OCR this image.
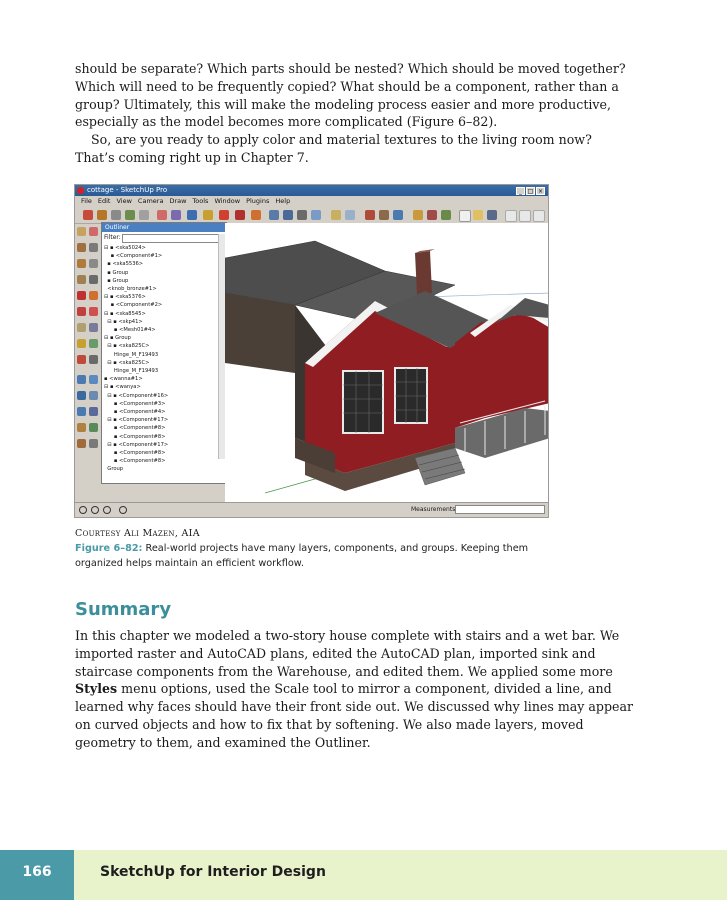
should be separate? Which parts should be nested? Which should be moved together? Which will need to be frequently copied? What should be a component, rather than a group? Ultimately, this will make the modeling process easier and more productive, especially as the model becomes more complicated (Figure 6–82).

So, are you ready to apply color and material textures to the living room now? That’s coming right up in Chapter 7.

cottage - SketchUp Pro	_ □ ×
File Edit View Camera Draw Tools Window Plugins Help
Outliner
Filter:
⊟ ▪ <ska5024>
▪ <Component#1>
▪ <ska5536>
▪ Group
▪ Group
<knob_bronze#1>
⊟ ▪ <ska5376>
▪ <Component#2>
⊟ ▪ <ska8545>
⊟ ▪ <skp41>
▪ <Mesh01#4>
⊟ ▪ Group
⊟ ▪ <ska825C>
Hinge_M_F19493
⊟ ▪ <ska825C>
Hinge_M_F19493
▪ <wanna#1>
⊟ ▪ <wanya>
⊟ ▪ <Component#16>
▪ <Component#3>
▪ <Component#4>
⊟ ▪ <Component#17>
▪ <Component#8>
▪ <Component#8>
⊟ ▪ <Component#17>
▪ <Component#8>
▪ <Component#8>
Group
Measurements
Courtesy Ali Mazen, AIA

Figure 6–82: Real-world projects have many layers, components, and groups. Keeping them organized helps maintain an efficient workflow.

Summary

In this chapter we modeled a two-story house complete with stairs and a wet bar. We imported raster and AutoCAD plans, edited the AutoCAD plan, imported sink and staircase components from the Warehouse, and edited them. We applied some more Styles menu options, used the Scale tool to mirror a component, divided a line, and learned why faces should have their front side out. We discussed why lines may appear on curved objects and how to fix that by softening. We also made layers, moved geometry to them, and examined the Outliner.

166	SketchUp for Interior Design
